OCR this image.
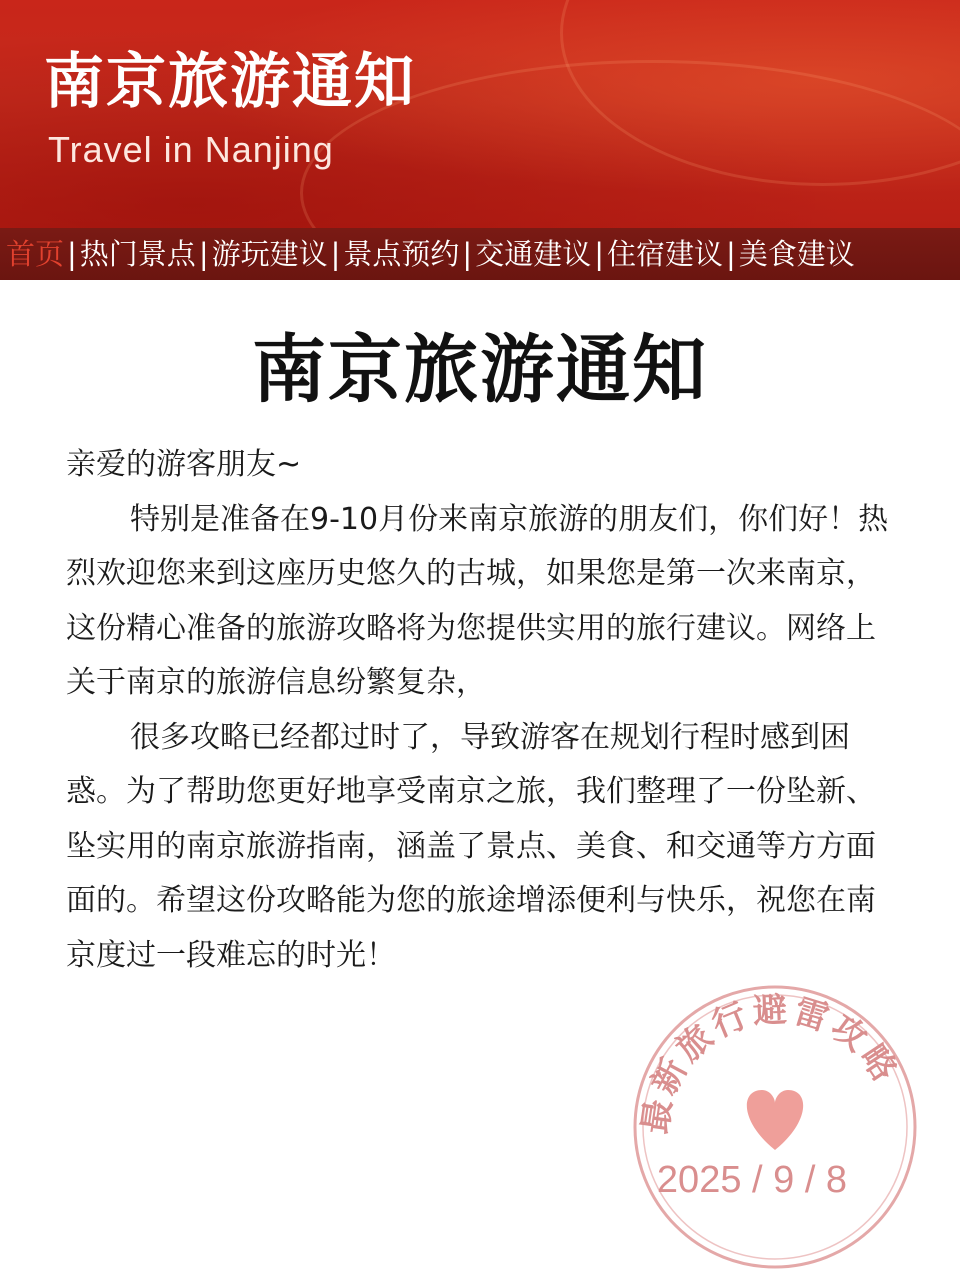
南京旅游通知
Travel in Nanjing
首页 | 热门景点 | 游玩建议 | 景点预约 | 交通建议 | 住宿建议 | 美食建议
南京旅游通知

亲爱的游客朋友~

特别是准备在9-10月份来南京旅游的朋友们，你们好！热烈欢迎您来到这座历史悠久的古城，如果您是第一次来南京，这份精心准备的旅游攻略将为您提供实用的旅行建议。网络上关于南京的旅游信息纷繁复杂，

很多攻略已经都过时了，导致游客在规划行程时感到困惑。为了帮助您更好地享受南京之旅，我们整理了一份坠新、坠实用的南京旅游指南，涵盖了景点、美食、和交通等方方面面的。希望这份攻略能为您的旅途增添便利与快乐，祝您在南京度过一段难忘的时光！

最新旅行避雷攻略
2025 / 9 / 8
